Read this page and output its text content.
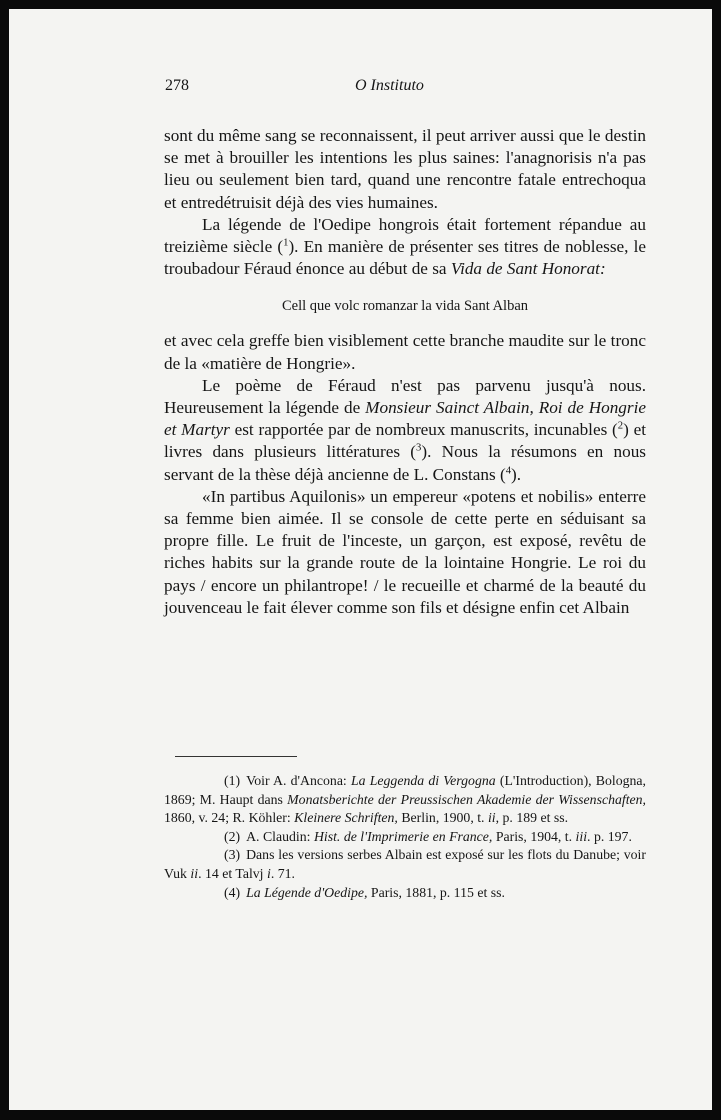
278	O Instituto

sont du même sang se reconnaissent, il peut arriver aussi que le destin se met à brouiller les intentions les plus saines: l'anagnorisis n'a pas lieu ou seulement bien tard, quand une rencontre fatale entrechoqua et entredétruisit déjà des vies humaines.

La légende de l'Oedipe hongrois était fortement répandue au treizième siècle ($^1$). En manière de présenter ses titres de noblesse, le troubadour Féraud énonce au début de sa Vida de Sant Honorat:

Cell que volc romanzar la vida Sant Alban

et avec cela greffe bien visiblement cette branche maudite sur le tronc de la «matière de Hongrie».

Le poème de Féraud n'est pas parvenu jusqu'à nous. Heureusement la légende de Monsieur Sainct Albain, Roi de Hongrie et Martyr est rapportée par de nombreux manuscrits, incunables ($^2$) et livres dans plusieurs littératures ($^3$). Nous la résumons en nous servant de la thèse déjà ancienne de L. Constans ($^4$).

«In partibus Aquilonis» un empereur «potens et nobilis» enterre sa femme bien aimée. Il se console de cette perte en séduisant sa propre fille. Le fruit de l'inceste, un garçon, est exposé, revêtu de riches habits sur la grande route de la lointaine Hongrie. Le roi du pays / encore un philantrope! / le recueille et charmé de la beauté du jouvenceau le fait élever comme son fils et désigne enfin cet Albain

(1) Voir A. d'Ancona: La Leggenda di Vergogna (L'Introduction), Bologna, 1869; M. Haupt dans Monatsberichte der Preussischen Akademie der Wissenschaften, 1860, v. 24; R. Köhler: Kleinere Schriften, Berlin, 1900, t. ii, p. 189 et ss.

(2) A. Claudin: Hist. de l'Imprimerie en France, Paris, 1904, t. iii. p. 197.

(3) Dans les versions serbes Albain est exposé sur les flots du Danube; voir Vuk ii. 14 et Talvj i. 71.

(4) La Légende d'Oedipe, Paris, 1881, p. 115 et ss.
